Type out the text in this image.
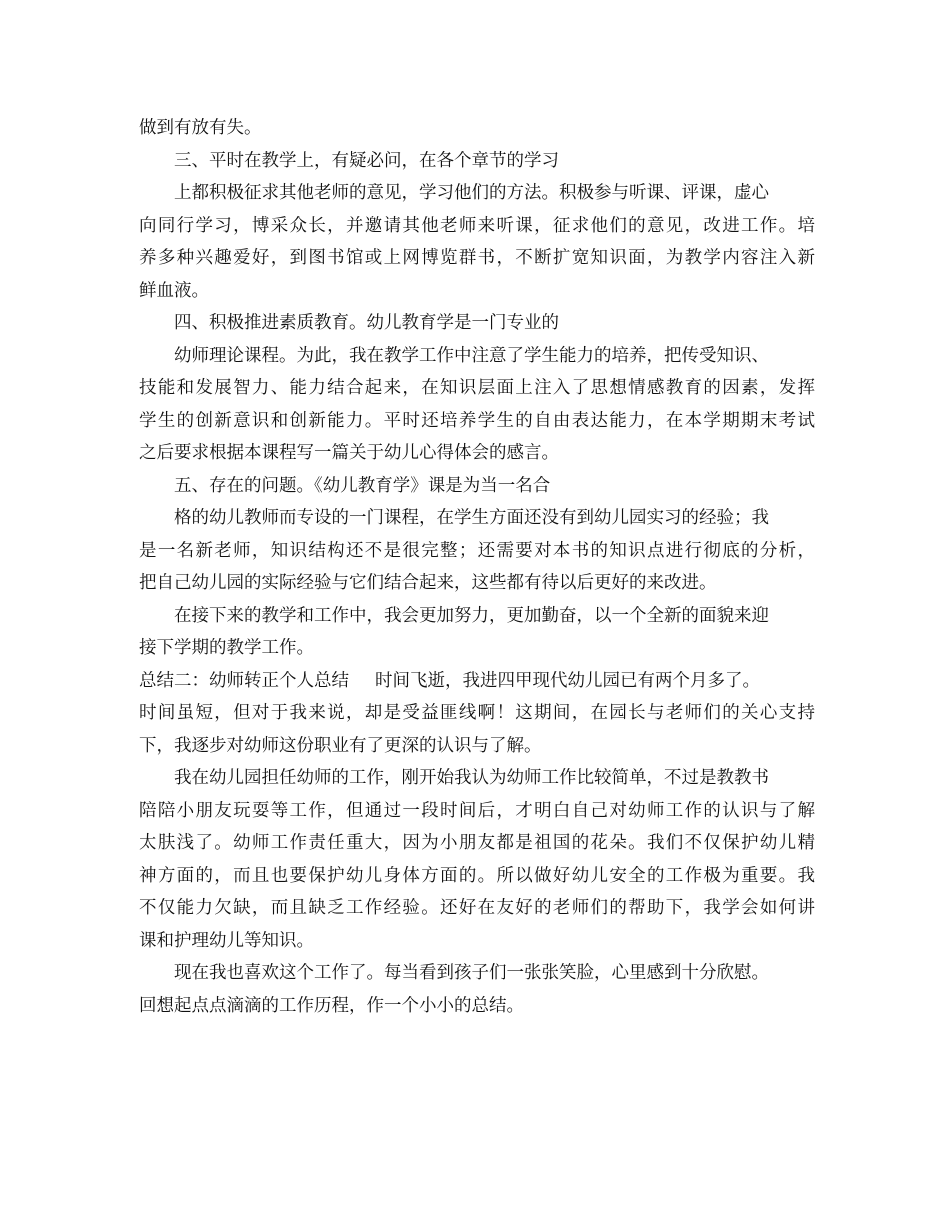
做到有放有失。
三、平时在教学上，有疑必问，在各个章节的学习
上都积极征求其他老师的意见，学习他们的方法。积极参与听课、评课，虚心
向同行学习，博采众长，并邀请其他老师来听课，征求他们的意见，改进工作。培
养多种兴趣爱好，到图书馆或上网博览群书，不断扩宽知识面，为教学内容注入新
鲜血液。
四、积极推进素质教育。幼儿教育学是一门专业的
幼师理论课程。为此，我在教学工作中注意了学生能力的培养，把传受知识、
技能和发展智力、能力结合起来，在知识层面上注入了思想情感教育的因素，发挥
学生的创新意识和创新能力。平时还培养学生的自由表达能力，在本学期期末考试
之后要求根据本课程写一篇关于幼儿心得体会的感言。
五、存在的问题。《幼儿教育学》课是为当一名合
格的幼儿教师而专设的一门课程，在学生方面还没有到幼儿园实习的经验；我
是一名新老师，知识结构还不是很完整；还需要对本书的知识点进行彻底的分析，
把自己幼儿园的实际经验与它们结合起来，这些都有待以后更好的来改进。
在接下来的教学和工作中，我会更加努力，更加勤奋，以一个全新的面貌来迎
接下学期的教学工作。
总结二：幼师转正个人总结 时间飞逝，我进四甲现代幼儿园已有两个月多了。
时间虽短，但对于我来说，却是受益匪线啊！这期间，在园长与老师们的关心支持
下，我逐步对幼师这份职业有了更深的认识与了解。
我在幼儿园担任幼师的工作，刚开始我认为幼师工作比较简单，不过是教教书
陪陪小朋友玩耍等工作，但通过一段时间后，才明白自己对幼师工作的认识与了解
太肤浅了。幼师工作责任重大，因为小朋友都是祖国的花朵。我们不仅保护幼儿精
神方面的，而且也要保护幼儿身体方面的。所以做好幼儿安全的工作极为重要。我
不仅能力欠缺，而且缺乏工作经验。还好在友好的老师们的帮助下，我学会如何讲
课和护理幼儿等知识。
现在我也喜欢这个工作了。每当看到孩子们一张张笑脸，心里感到十分欣慰。
回想起点点滴滴的工作历程，作一个小小的总结。
